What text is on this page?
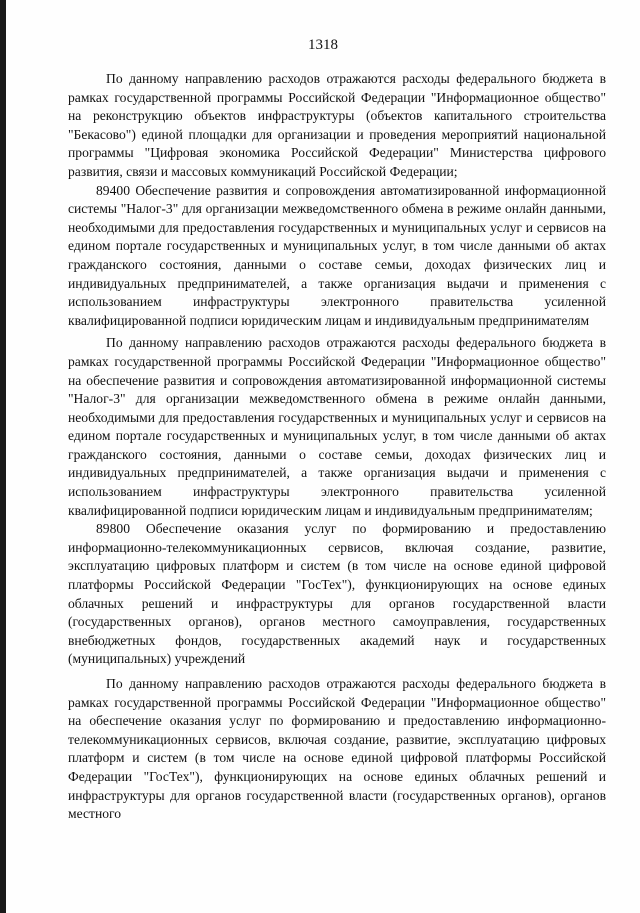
1318

По данному направлению расходов отражаются расходы федерального бюджета в рамках государственной программы Российской Федерации "Информационное общество" на реконструкцию объектов инфраструктуры (объектов капитального строительства "Бекасово") единой площадки для организации и проведения мероприятий национальной программы "Цифровая экономика Российской Федерации" Министерства цифрового развития, связи и массовых коммуникаций Российской Федерации;

89400 Обеспечение развития и сопровождения автоматизированной информационной системы "Налог-3" для организации межведомственного обмена в режиме онлайн данными, необходимыми для предоставления государственных и муниципальных услуг и сервисов на едином портале государственных и муниципальных услуг, в том числе данными об актах гражданского состояния, данными о составе семьи, доходах физических лиц и индивидуальных предпринимателей, а также организация выдачи и применения с использованием инфраструктуры электронного правительства усиленной квалифицированной подписи юридическим лицам и индивидуальным предпринимателям

По данному направлению расходов отражаются расходы федерального бюджета в рамках государственной программы Российской Федерации "Информационное общество" на обеспечение развития и сопровождения автоматизированной информационной системы "Налог-3" для организации межведомственного обмена в режиме онлайн данными, необходимыми для предоставления государственных и муниципальных услуг и сервисов на едином портале государственных и муниципальных услуг, в том числе данными об актах гражданского состояния, данными о составе семьи, доходах физических лиц и индивидуальных предпринимателей, а также организация выдачи и применения с использованием инфраструктуры электронного правительства усиленной квалифицированной подписи юридическим лицам и индивидуальным предпринимателям;

89800 Обеспечение оказания услуг по формированию и предоставлению информационно-телекоммуникационных сервисов, включая создание, развитие, эксплуатацию цифровых платформ и систем (в том числе на основе единой цифровой платформы Российской Федерации "ГосТех"), функционирующих на основе единых облачных решений и инфраструктуры для органов государственной власти (государственных органов), органов местного самоуправления, государственных внебюджетных фондов, государственных академий наук и государственных (муниципальных) учреждений

По данному направлению расходов отражаются расходы федерального бюджета в рамках государственной программы Российской Федерации "Информационное общество" на обеспечение оказания услуг по формированию и предоставлению информационно-телекоммуникационных сервисов, включая создание, развитие, эксплуатацию цифровых платформ и систем (в том числе на основе единой цифровой платформы Российской Федерации "ГосТех"), функционирующих на основе единых облачных решений и инфраструктуры для органов государственной власти (государственных органов), органов местного
